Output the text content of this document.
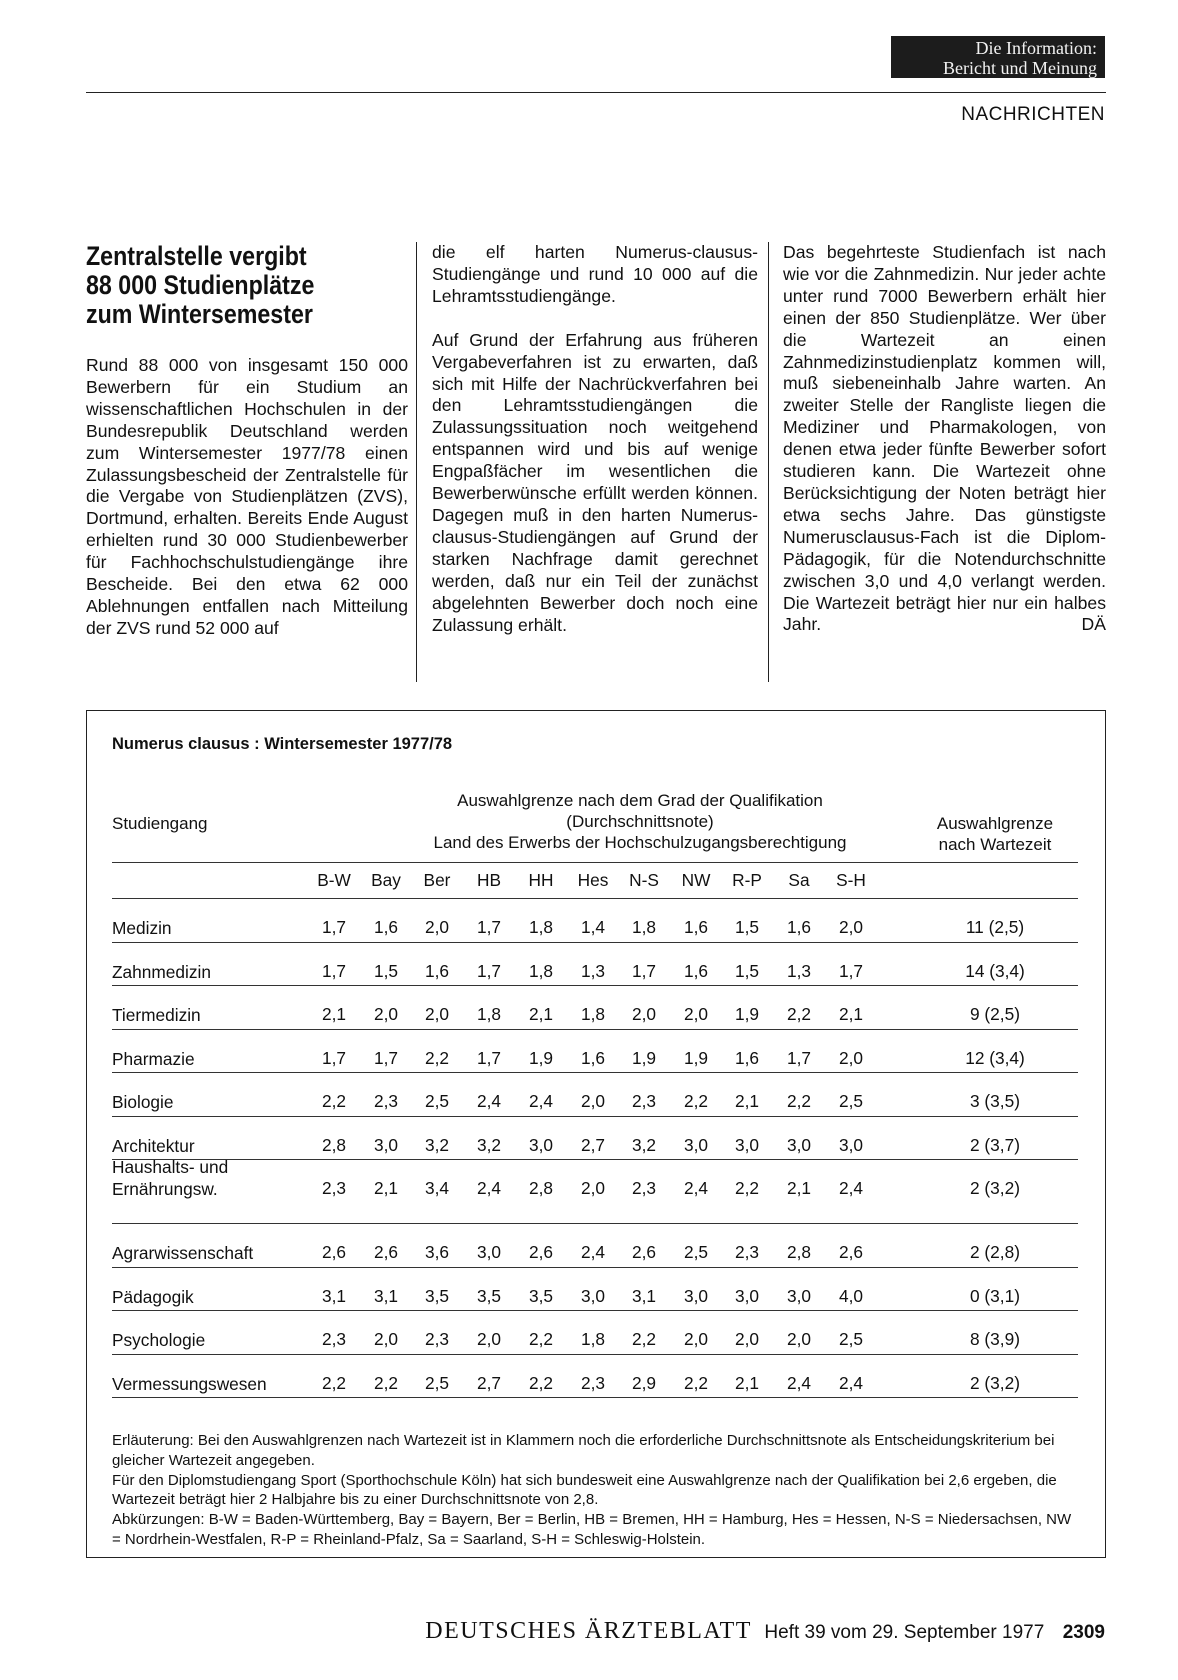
Die Information:
Bericht und Meinung
NACHRICHTEN
Zentralstelle vergibt
88 000 Studienplätze
zum Wintersemester

Rund 88 000 von insgesamt 150 000 Bewerbern für ein Studium an wissenschaftlichen Hochschulen in der Bundesrepublik Deutschland werden zum Wintersemester 1977/78 einen Zulassungsbescheid der Zentralstelle für die Vergabe von Studienplätzen (ZVS), Dortmund, erhalten. Bereits Ende August erhielten rund 30 000 Studienbewerber für Fachhochschulstudiengänge ihre Bescheide. Bei den etwa 62 000 Ablehnungen entfallen nach Mitteilung der ZVS rund 52 000 auf

die elf harten Numerus-clausus-Studiengänge und rund 10 000 auf die Lehramtsstudiengänge.

Auf Grund der Erfahrung aus früheren Vergabeverfahren ist zu erwarten, daß sich mit Hilfe der Nachrückverfahren bei den Lehramtsstudiengängen die Zulassungssituation noch weitgehend entspannen wird und bis auf wenige Engpaßfächer im wesentlichen die Bewerberwünsche erfüllt werden können. Dagegen muß in den harten Numerus-clausus-Studiengängen auf Grund der starken Nachfrage damit gerechnet werden, daß nur ein Teil der zunächst abgelehnten Bewerber doch noch eine Zulassung erhält.

Das begehrteste Studienfach ist nach wie vor die Zahnmedizin. Nur jeder achte unter rund 7000 Bewerbern erhält hier einen der 850 Studienplätze. Wer über die Wartezeit an einen Zahnmedizinstudienplatz kommen will, muß siebeneinhalb Jahre warten. An zweiter Stelle der Rangliste liegen die Mediziner und Pharmakologen, von denen etwa jeder fünfte Bewerber sofort studieren kann. Die Wartezeit ohne Berücksichtigung der Noten beträgt hier etwa sechs Jahre. Das günstigste Numerusclausus-Fach ist die Diplom-Pädagogik, für die Notendurchschnitte zwischen 3,0 und 4,0 verlangt werden. Die Wartezeit beträgt hier nur ein halbes Jahr.	DÄ

Numerus clausus : Wintersemester 1977/78
Studiengang
Auswahlgrenze nach dem Grad der Qualifikation
(Durchschnittsnote)
Land des Erwerbs der Hochschulzugangsberechtigung
Auswahlgrenze
nach Wartezeit
B-W	Bay	Ber	HB	HH	Hes	N-S	NW	R-P	Sa	S-H
Medizin	1,7	1,6	2,0	1,7	1,8	1,4	1,8	1,6	1,5	1,6	2,0	11 (2,5)
Zahnmedizin	1,7	1,5	1,6	1,7	1,8	1,3	1,7	1,6	1,5	1,3	1,7	14 (3,4)
Tiermedizin	2,1	2,0	2,0	1,8	2,1	1,8	2,0	2,0	1,9	2,2	2,1	9 (2,5)
Pharmazie	1,7	1,7	2,2	1,7	1,9	1,6	1,9	1,9	1,6	1,7	2,0	12 (3,4)
Biologie	2,2	2,3	2,5	2,4	2,4	2,0	2,3	2,2	2,1	2,2	2,5	3 (3,5)
Architektur	2,8	3,0	3,2	3,2	3,0	2,7	3,2	3,0	3,0	3,0	3,0	2 (3,7)
Haushalts- und
Ernährungsw.	2,3	2,1	3,4	2,4	2,8	2,0	2,3	2,4	2,2	2,1	2,4	2 (3,2)
Agrarwissenschaft	2,6	2,6	3,6	3,0	2,6	2,4	2,6	2,5	2,3	2,8	2,6	2 (2,8)
Pädagogik	3,1	3,1	3,5	3,5	3,5	3,0	3,1	3,0	3,0	3,0	4,0	0 (3,1)
Psychologie	2,3	2,0	2,3	2,0	2,2	1,8	2,2	2,0	2,0	2,0	2,5	8 (3,9)
Vermessungswesen	2,2	2,2	2,5	2,7	2,2	2,3	2,9	2,2	2,1	2,4	2,4	2 (3,2)

Erläuterung: Bei den Auswahlgrenzen nach Wartezeit ist in Klammern noch die erforderliche Durchschnittsnote als Entscheidungskriterium bei gleicher Wartezeit angegeben.

Für den Diplomstudiengang Sport (Sporthochschule Köln) hat sich bundesweit eine Auswahlgrenze nach der Qualifikation bei 2,6 ergeben, die Wartezeit beträgt hier 2 Halbjahre bis zu einer Durchschnittsnote von 2,8.

Abkürzungen: B-W = Baden-Württemberg, Bay = Bayern, Ber = Berlin, HB = Bremen, HH = Hamburg, Hes = Hessen, N-S = Niedersachsen, NW = Nordrhein-Westfalen, R-P = Rheinland-Pfalz, Sa = Saarland, S-H = Schleswig-Holstein.

DEUTSCHES ÄRZTEBLATT Heft 39 vom 29. September 1977 2309
